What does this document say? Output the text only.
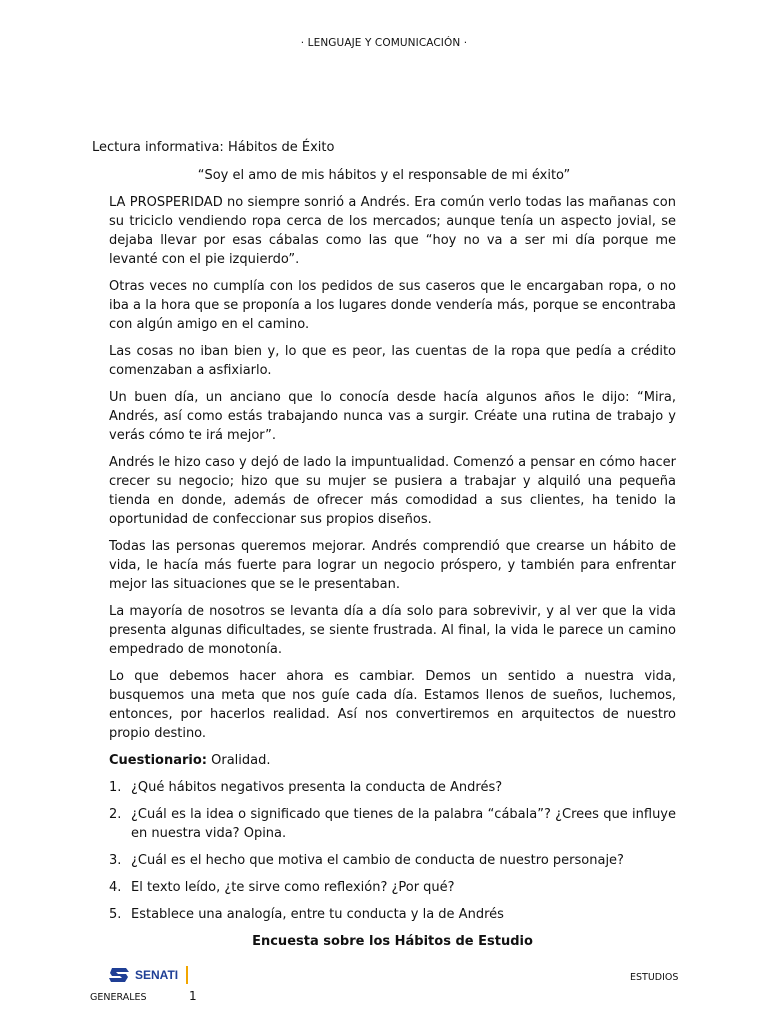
· LENGUAJE Y COMUNICACIÓN ·
Lectura informativa: Hábitos de Éxito
“Soy el amo de mis hábitos y el responsable de mi éxito”

LA PROSPERIDAD no siempre sonrió a Andrés. Era común verlo todas las mañanas con su triciclo vendiendo ropa cerca de los mercados; aunque tenía un aspecto jovial, se dejaba llevar por esas cábalas como las que “hoy no va a ser mi día porque me levanté con el pie izquierdo”.

Otras veces no cumplía con los pedidos de sus caseros que le encargaban ropa, o no iba a la hora que se proponía a los lugares donde vendería más, porque se encontraba con algún amigo en el camino.

Las cosas no iban bien y, lo que es peor, las cuentas de la ropa que pedía a crédito comenzaban a asfixiarlo.

Un buen día, un anciano que lo conocía desde hacía algunos años le dijo: “Mira, Andrés, así como estás trabajando nunca vas a surgir. Créate una rutina de trabajo y verás cómo te irá mejor”.

Andrés le hizo caso y dejó de lado la impuntualidad. Comenzó a pensar en cómo hacer crecer su negocio; hizo que su mujer se pusiera a trabajar y alquiló una pequeña tienda en donde, además de ofrecer más comodidad a sus clientes, ha tenido la oportunidad de confeccionar sus propios diseños.

Todas las personas queremos mejorar. Andrés comprendió que crearse un hábito de vida, le hacía más fuerte para lograr un negocio próspero, y también para enfrentar mejor las situaciones que se le presentaban.

La mayoría de nosotros se levanta día a día solo para sobrevivir, y al ver que la vida presenta algunas dificultades, se siente frustrada. Al final, la vida le parece un camino empedrado de monotonía.

Lo que debemos hacer ahora es cambiar. Demos un sentido a nuestra vida, busquemos una meta que nos guíe cada día. Estamos llenos de sueños, luchemos, entonces, por hacerlos realidad. Así nos convertiremos en arquitectos de nuestro propio destino.

Cuestionario: Oralidad.
1. ¿Qué hábitos negativos presenta la conducta de Andrés?
2. ¿Cuál es la idea o significado que tienes de la palabra “cábala”? ¿Crees que influye en nuestra vida? Opina.
3. ¿Cuál es el hecho que motiva el cambio de conducta de nuestro personaje?
4. El texto leído, ¿te sirve como reflexión? ¿Por qué?
5. Establece una analogía, entre tu conducta y la de Andrés
Encuesta sobre los Hábitos de Estudio
SENATI	ESTUDIOS
GENERALES	1
